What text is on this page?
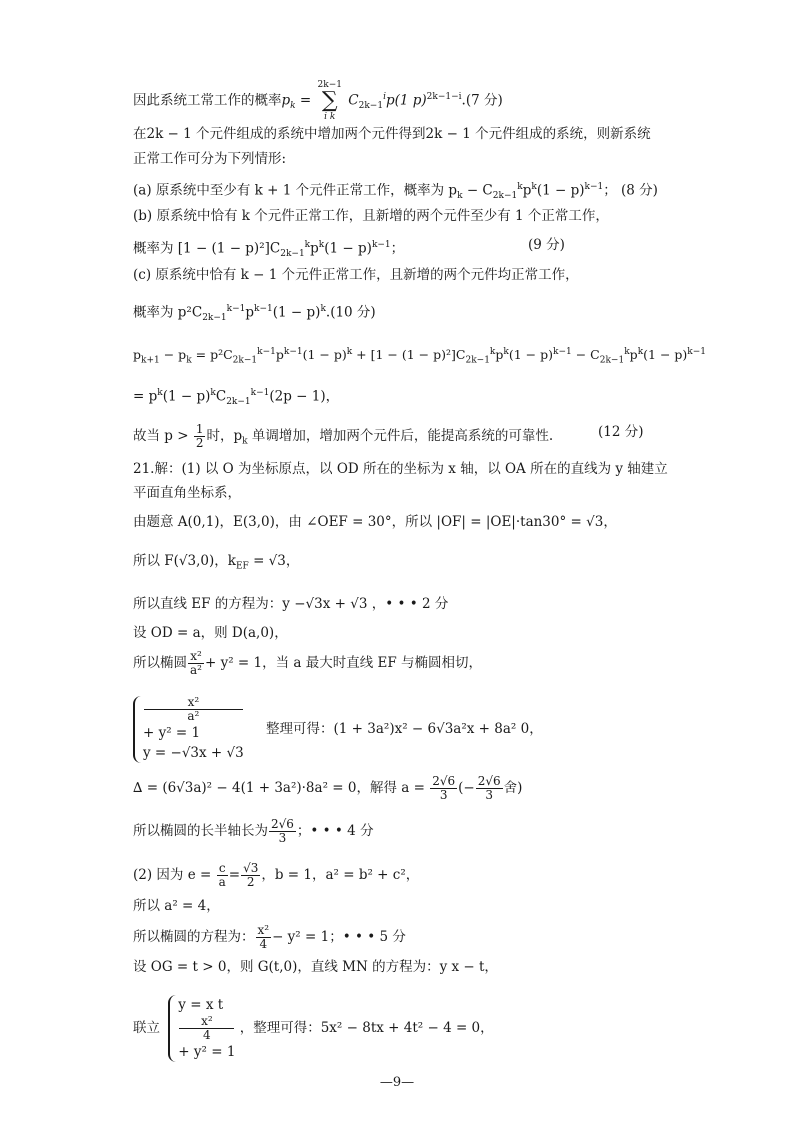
因此系统工常工作的概率$p_k = 2k-1$
∑
i k $C_{2k-1}^ip(1$ p)$^{2k-1-i}$.(7 分)
在2k − 1 个元件组成的系统中增加两个元件得到2k − 1 个元件组成的系统，则新系统
正常工作可分为下列情形:
(a) 原系统中至少有 k + 1 个元件正常工作，概率为 $p_k - C_{2k-1}^kp^k(1 - p)^{k-1}$； (8 分)
(b) 原系统中恰有 k 个元件正常工作，且新增的两个元件至少有 1 个正常工作，
概率为 $[1 - (1 - p)^2]C_{2k-1}^kp^k(1 - p)^{k-1}$；	(9 分)
(c) 原系统中恰有 k − 1 个元件正常工作，且新增的两个元件均正常工作，
概率为 $p^2C_{2k-1}^{k-1}p^{k-1}(1 - p)^k.(10$ 分)
$p_{k+1} - p_k = p^2C_{2k-1}^{k-1}p^{k-1}(1 - p)^k + [1 - (1 - p)^2]C_{2k-1}^kp^k(1 - p)^{k-1} - C_{2k-1}^kp^k(1 - p)^{k-1}$
= $p^k(1 - p)^kC_{2k-1}^{k-1}(2p - 1)$，
故当 $p > \frac{1}{2}$ 时，$p_k$ 单调增加，增加两个元件后，能提高系统的可靠性.	(12 分)
21.解：(1) 以 O 为坐标原点，以 OD 所在的坐标为 x 轴，以 OA 所在的直线为 y 轴建立
平面直角坐标系，
由题意 A(0,1)，E(3,0)，由 ∠OEF = 30°，所以 |OF| = |OE|·tan30° = √3，
所以 F(√3,0)，$k_{EF} = √3$，
所以直线 EF 的方程为：y −√3x + √3 ，• • • 2 分
设 OD = a，则 D(a,0)，
所以椭圆 $\frac{\text{x²}}{\text{a²}} + y^2 = 1$，当 a 最大时直线 EF 与椭圆相切，
x²
a²
+ y² = 1
y = −√3x + √3
整理可得：(1 + 3a²)x² − 6√3a²x + 8a² 0，
∆ = (6√3a)² − 4(1 + 3a²)·8a² = 0，解得 $a = \frac{2√6}{3}$ (− $\frac{2√6}{3}$ 舍)
所以椭圆的长半轴长为 $\frac{2√6}{3}$ ；• • • 4 分
(2) 因为 $e = \frac{c}{a} = \frac{√3}{2}$ ，b = 1，a² = b² + c²，
所以 a² = 4，
所以椭圆的方程为： $\frac{\text{x²}}{4} - y^2 = 1$；• • • 5 分
设 OG = t > 0，则 G(t,0)，直线 MN 的方程为：y x − t，
联立
y = x t
x²
4
+ y² = 1
，整理可得：5x² − 8tx + 4t² − 4 = 0，
—9—
